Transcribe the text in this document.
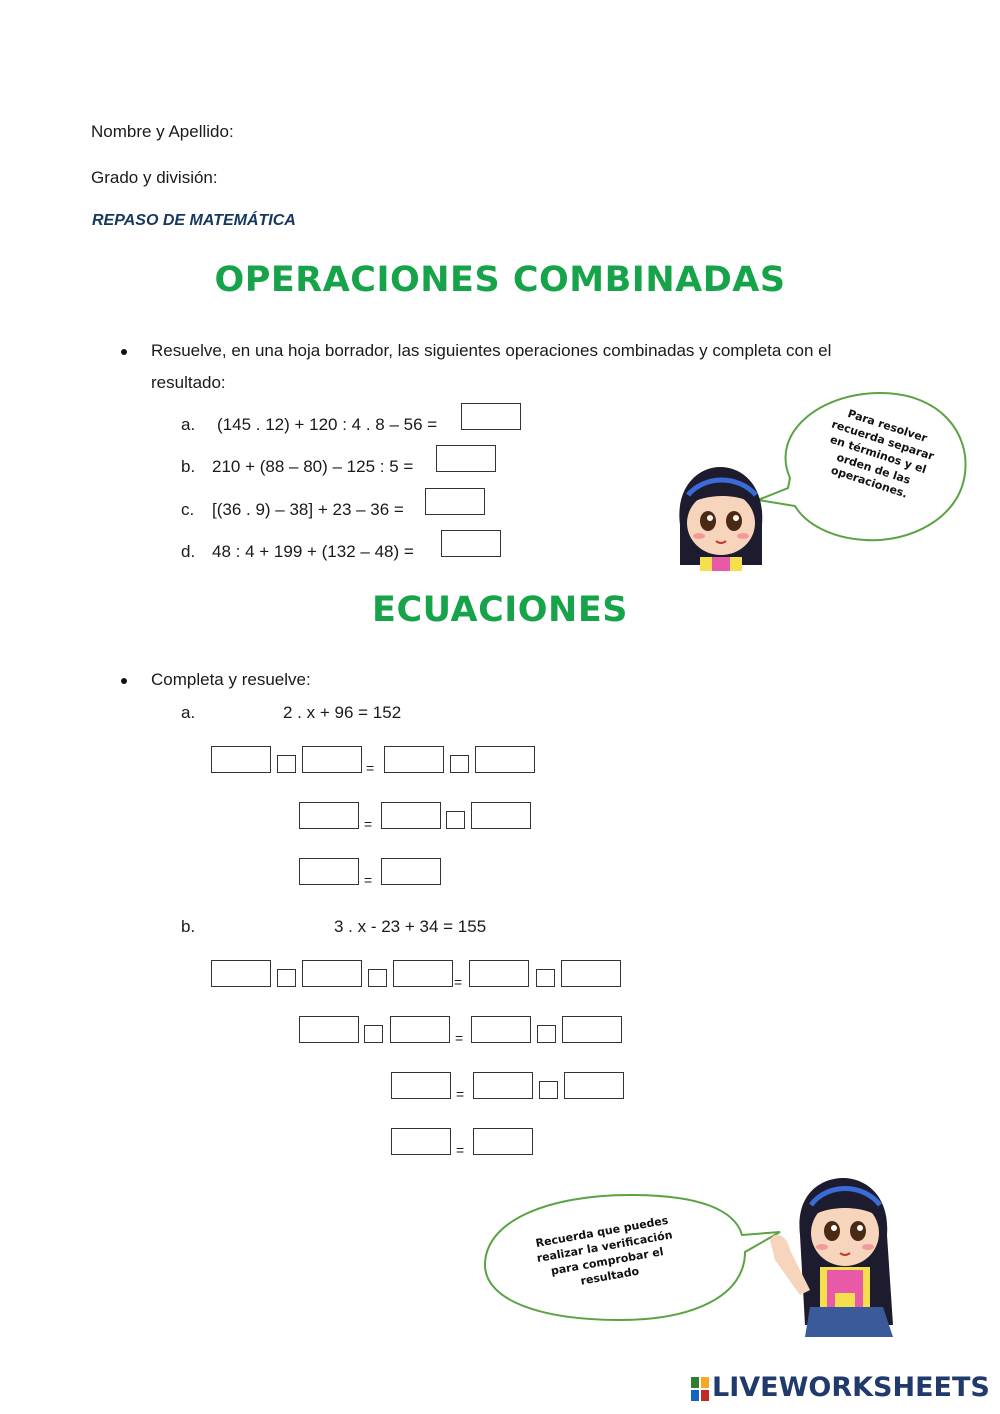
Nombre y Apellido:
Grado y división:
REPASO DE MATEMÁTICA
OPERACIONES COMBINADAS
Resuelve, en una hoja borrador, las siguientes operaciones combinadas y completa con el
resultado:
a. (145 . 12) + 120 : 4 . 8 – 56 =
b. 210 + (88 – 80) – 125 : 5 =
c. [(36 . 9) – 38] + 23 – 36 =
d. 48 : 4 + 199 + (132 – 48) =
Para resolver recuerda separar en términos y el orden de las operaciones.
ECUACIONES
Completa y resuelve:
a.	2 . x + 96 = 152
=
=
=
b.	3 . x - 23 + 34 = 155
=
=
=
=
Recuerda que puedes realizar la verificación para comprobar el resultado
LIVEWORKSHEETS
